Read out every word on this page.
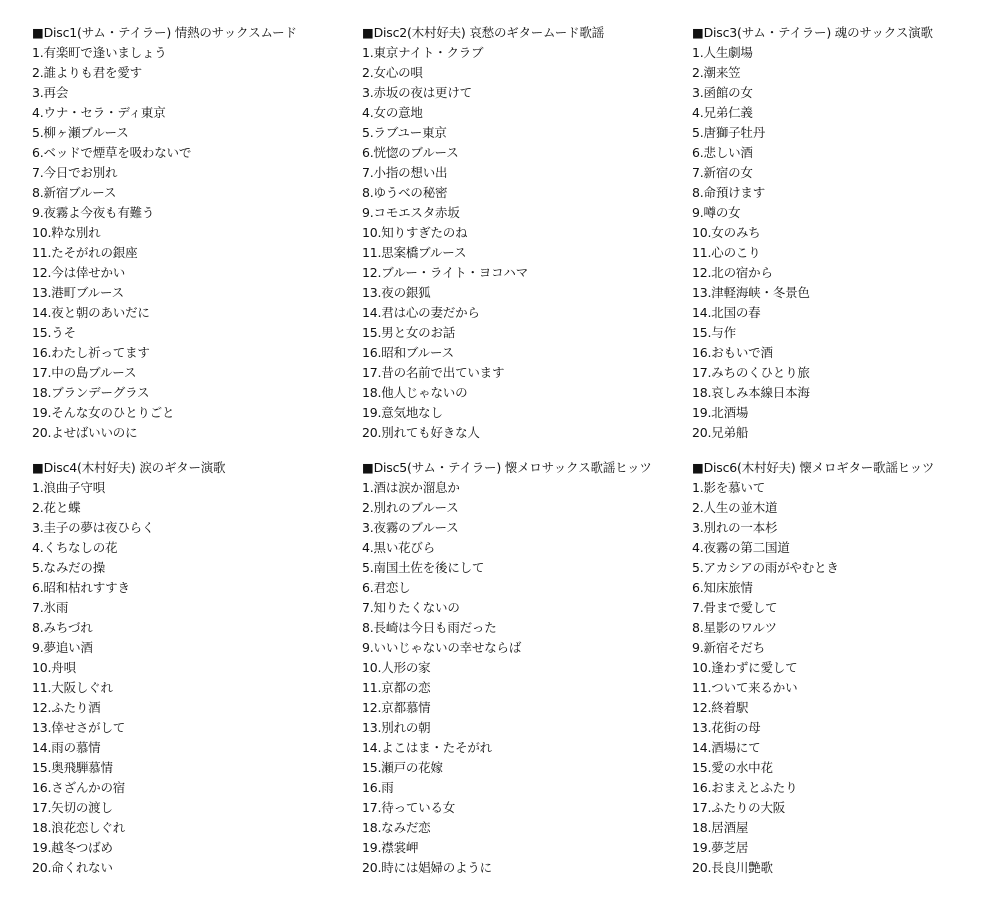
■Disc1(サム・テイラー) 情熱のサックスムード
1.有楽町で逢いましょう
2.誰よりも君を愛す
3.再会
4.ウナ・セラ・ディ東京
5.柳ヶ瀬ブルース
6.ベッドで煙草を吸わないで
7.今日でお別れ
8.新宿ブルース
9.夜霧よ今夜も有難う
10.粋な別れ
11.たそがれの銀座
12.今は倖せかい
13.港町ブルース
14.夜と朝のあいだに
15.うそ
16.わたし祈ってます
17.中の島ブルース
18.ブランデーグラス
19.そんな女のひとりごと
20.よせばいいのに
■Disc2(木村好夫) 哀愁のギタームード歌謡
1.東京ナイト・クラブ
2.女心の唄
3.赤坂の夜は更けて
4.女の意地
5.ラブユー東京
6.恍惚のブルース
7.小指の想い出
8.ゆうべの秘密
9.コモエスタ赤坂
10.知りすぎたのね
11.思案橋ブルース
12.ブルー・ライト・ヨコハマ
13.夜の銀狐
14.君は心の妻だから
15.男と女のお話
16.昭和ブルース
17.昔の名前で出ています
18.他人じゃないの
19.意気地なし
20.別れても好きな人
■Disc3(サム・テイラー) 魂のサックス演歌
1.人生劇場
2.潮来笠
3.函館の女
4.兄弟仁義
5.唐獅子牡丹
6.悲しい酒
7.新宿の女
8.命預けます
9.噂の女
10.女のみち
11.心のこり
12.北の宿から
13.津軽海峡・冬景色
14.北国の春
15.与作
16.おもいで酒
17.みちのくひとり旅
18.哀しみ本線日本海
19.北酒場
20.兄弟船
■Disc4(木村好夫) 涙のギター演歌
1.浪曲子守唄
2.花と蝶
3.圭子の夢は夜ひらく
4.くちなしの花
5.なみだの操
6.昭和枯れすすき
7.氷雨
8.みちづれ
9.夢追い酒
10.舟唄
11.大阪しぐれ
12.ふたり酒
13.倖せさがして
14.雨の慕情
15.奥飛騨慕情
16.さざんかの宿
17.矢切の渡し
18.浪花恋しぐれ
19.越冬つばめ
20.命くれない
■Disc5(サム・テイラー) 懐メロサックス歌謡ヒッツ
1.酒は涙か溜息か
2.別れのブルース
3.夜霧のブルース
4.黒い花びら
5.南国土佐を後にして
6.君恋し
7.知りたくないの
8.長崎は今日も雨だった
9.いいじゃないの幸せならば
10.人形の家
11.京都の恋
12.京都慕情
13.別れの朝
14.よこはま・たそがれ
15.瀬戸の花嫁
16.雨
17.待っている女
18.なみだ恋
19.襟裳岬
20.時には娼婦のように
■Disc6(木村好夫) 懐メロギター歌謡ヒッツ
1.影を慕いて
2.人生の並木道
3.別れの一本杉
4.夜霧の第二国道
5.アカシアの雨がやむとき
6.知床旅情
7.骨まで愛して
8.星影のワルツ
9.新宿そだち
10.逢わずに愛して
11.ついて来るかい
12.終着駅
13.花街の母
14.酒場にて
15.愛の水中花
16.おまえとふたり
17.ふたりの大阪
18.居酒屋
19.夢芝居
20.長良川艶歌
